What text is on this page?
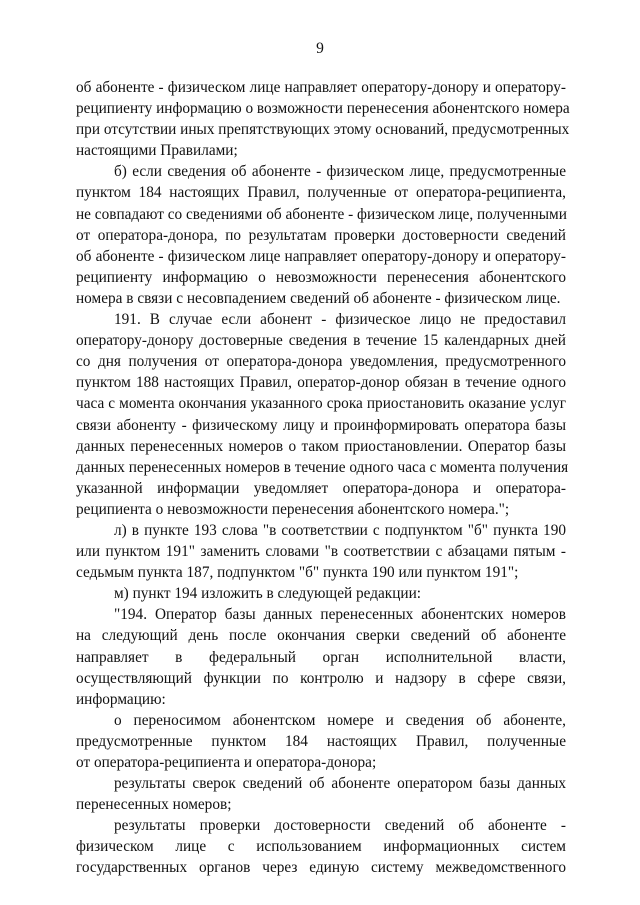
9
об абоненте - физическом лице направляет оператору-донору и оператору-
реципиенту информацию о возможности перенесения абонентского номера
при отсутствии иных препятствующих этому оснований, предусмотренных
настоящими Правилами;
б) если сведения об абоненте - физическом лице, предусмотренные
пунктом 184 настоящих Правил, полученные от оператора-реципиента,
не совпадают со сведениями об абоненте - физическом лице, полученными
от оператора-донора, по результатам проверки достоверности сведений
об абоненте - физическом лице направляет оператору-донору и оператору-
реципиенту информацию о невозможности перенесения абонентского
номера в связи с несовпадением сведений об абоненте - физическом лице.
191. В случае если абонент - физическое лицо не предоставил
оператору-донору достоверные сведения в течение 15 календарных дней
со дня получения от оператора-донора уведомления, предусмотренного
пунктом 188 настоящих Правил, оператор-донор обязан в течение одного
часа с момента окончания указанного срока приостановить оказание услуг
связи абоненту - физическому лицу и проинформировать оператора базы
данных перенесенных номеров о таком приостановлении. Оператор базы
данных перенесенных номеров в течение одного часа с момента получения
указанной информации уведомляет оператора-донора и оператора-
реципиента о невозможности перенесения абонентского номера.";
л) в пункте 193 слова "в соответствии с подпунктом "б" пункта 190
или пунктом 191" заменить словами "в соответствии с абзацами пятым -
седьмым пункта 187, подпунктом "б" пункта 190 или пунктом 191";
м) пункт 194 изложить в следующей редакции:
"194. Оператор базы данных перенесенных абонентских номеров
на следующий день после окончания сверки сведений об абоненте
направляет в федеральный орган исполнительной власти,
осуществляющий функции по контролю и надзору в сфере связи,
информацию:
о переносимом абонентском номере и сведения об абоненте,
предусмотренные пунктом 184 настоящих Правил, полученные
от оператора-реципиента и оператора-донора;
результаты сверок сведений об абоненте оператором базы данных
перенесенных номеров;
результаты проверки достоверности сведений об абоненте -
физическом лице с использованием информационных систем
государственных органов через единую систему межведомственного
